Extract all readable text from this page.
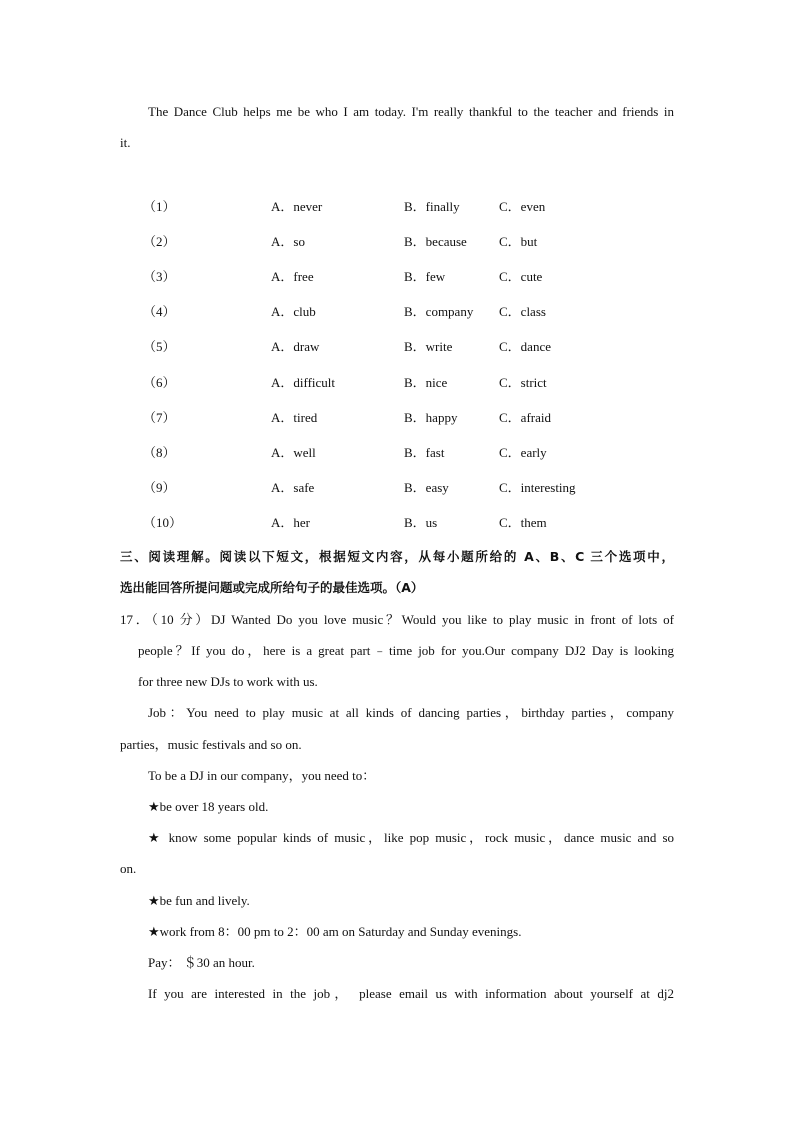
The Dance Club helps me be who I am today. I'm really thankful to the teacher and friends in
it.
（1）	A．never	B．finally	C．even
（2）	A．so	B．because C．but
（3）	A．free	B．few	C．cute
（4）	A．club	B．company C．class
（5）	A．draw	B．write	C．dance
（6）	A．difficult	B．nice	C．strict
（7）	A．tired	B．happy	C．afraid
（8）	A．well	B．fast	C．early
（9）	A．safe	B．easy	C．interesting
（10）	A．her	B．us	C．them
三、阅读理解。阅读以下短文，根据短文内容，从每小题所给的 A、B、C 三个选项中，
选出能回答所提问题或完成所给句子的最佳选项。（A）
17．（10 分）DJ Wanted Do you love music？Would you like to play music in front of lots of
people？If you do，here is a great part﹣time job for you.Our company DJ2 Day is looking
for three new DJs to work with us.
Job：You need to play music at all kinds of dancing parties，birthday parties，company
parties，music festivals and so on.
To be a DJ in our company，you need to：
★be over 18 years old.
★ know some popular kinds of music，like pop music，rock music，dance music and so
on.
★be fun and lively.
★work from 8：00 pm to 2：00 am on Saturday and Sunday evenings.
Pay： ＄30 an hour.
If you are interested in the job， please email us with information about yourself at dj2
